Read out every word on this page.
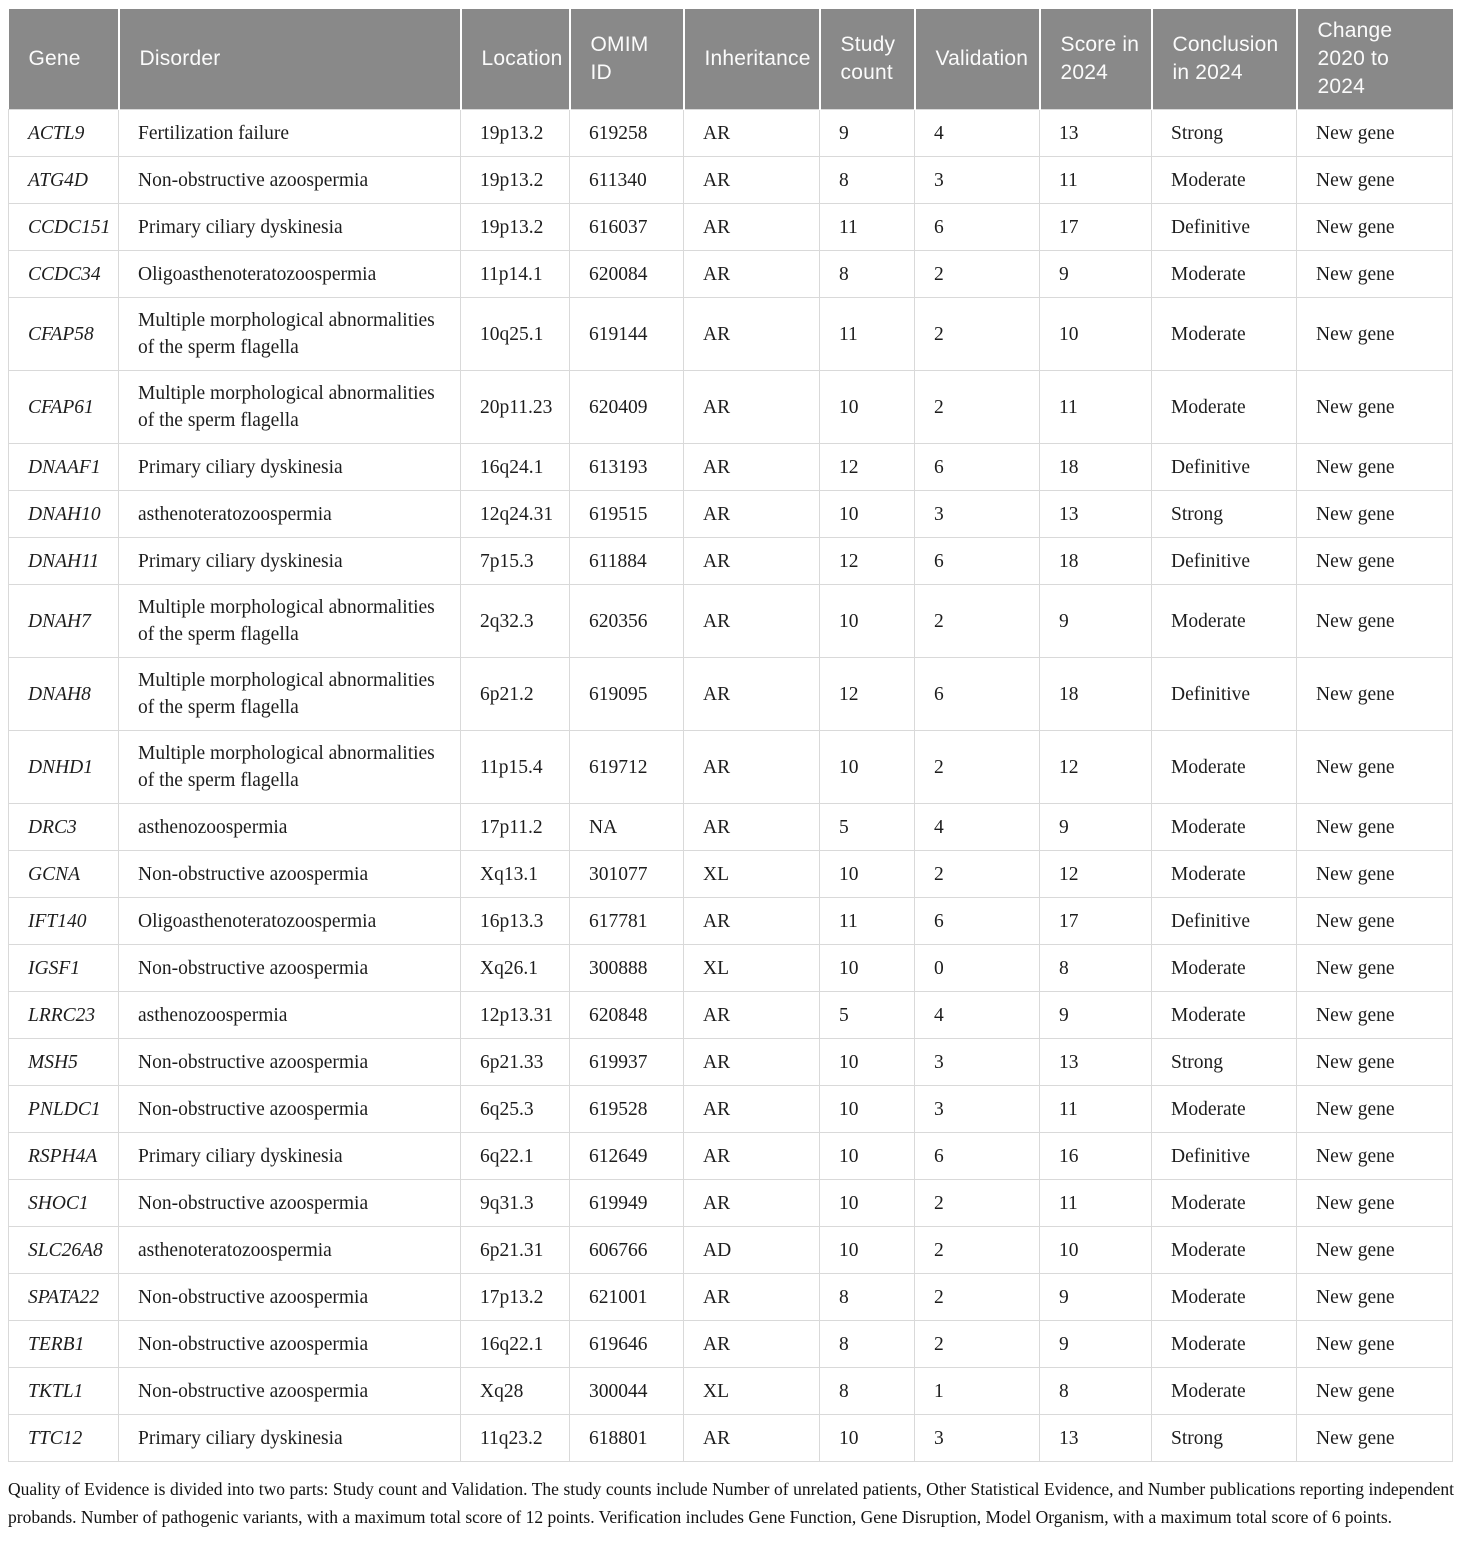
Gene	Disorder	Location	OMIM ID	Inheritance	Study count	Validation	Score in 2024	Conclusion in 2024	Change 2020 to 2024
ACTL9	Fertilization failure	19p13.2	619258	AR	9	4	13	Strong	New gene
ATG4D	Non-obstructive azoospermia	19p13.2	611340	AR	8	3	11	Moderate	New gene
CCDC151	Primary ciliary dyskinesia	19p13.2	616037	AR	11	6	17	Definitive	New gene
CCDC34	Oligoasthenoteratozoospermia	11p14.1	620084	AR	8	2	9	Moderate	New gene
CFAP58	Multiple morphological abnormalities of the sperm flagella	10q25.1	619144	AR	11	2	10	Moderate	New gene
CFAP61	Multiple morphological abnormalities of the sperm flagella	20p11.23	620409	AR	10	2	11	Moderate	New gene
DNAAF1	Primary ciliary dyskinesia	16q24.1	613193	AR	12	6	18	Definitive	New gene
DNAH10	asthenoteratozoospermia	12q24.31	619515	AR	10	3	13	Strong	New gene
DNAH11	Primary ciliary dyskinesia	7p15.3	611884	AR	12	6	18	Definitive	New gene
DNAH7	Multiple morphological abnormalities of the sperm flagella	2q32.3	620356	AR	10	2	9	Moderate	New gene
DNAH8	Multiple morphological abnormalities of the sperm flagella	6p21.2	619095	AR	12	6	18	Definitive	New gene
DNHD1	Multiple morphological abnormalities of the sperm flagella	11p15.4	619712	AR	10	2	12	Moderate	New gene
DRC3	asthenozoospermia	17p11.2	NA	AR	5	4	9	Moderate	New gene
GCNA	Non-obstructive azoospermia	Xq13.1	301077	XL	10	2	12	Moderate	New gene
IFT140	Oligoasthenoteratozoospermia	16p13.3	617781	AR	11	6	17	Definitive	New gene
IGSF1	Non-obstructive azoospermia	Xq26.1	300888	XL	10	0	8	Moderate	New gene
LRRC23	asthenozoospermia	12p13.31	620848	AR	5	4	9	Moderate	New gene
MSH5	Non-obstructive azoospermia	6p21.33	619937	AR	10	3	13	Strong	New gene
PNLDC1	Non-obstructive azoospermia	6q25.3	619528	AR	10	3	11	Moderate	New gene
RSPH4A	Primary ciliary dyskinesia	6q22.1	612649	AR	10	6	16	Definitive	New gene
SHOC1	Non-obstructive azoospermia	9q31.3	619949	AR	10	2	11	Moderate	New gene
SLC26A8	asthenoteratozoospermia	6p21.31	606766	AD	10	2	10	Moderate	New gene
SPATA22	Non-obstructive azoospermia	17p13.2	621001	AR	8	2	9	Moderate	New gene
TERB1	Non-obstructive azoospermia	16q22.1	619646	AR	8	2	9	Moderate	New gene
TKTL1	Non-obstructive azoospermia	Xq28	300044	XL	8	1	8	Moderate	New gene
TTC12	Primary ciliary dyskinesia	11q23.2	618801	AR	10	3	13	Strong	New gene

Quality of Evidence is divided into two parts: Study count and Validation. The study counts include Number of unrelated patients, Other Statistical Evidence, and Number publications reporting independent probands. Number of pathogenic variants, with a maximum total score of 12 points. Verification includes Gene Function, Gene Disruption, Model Organism, with a maximum total score of 6 points.
